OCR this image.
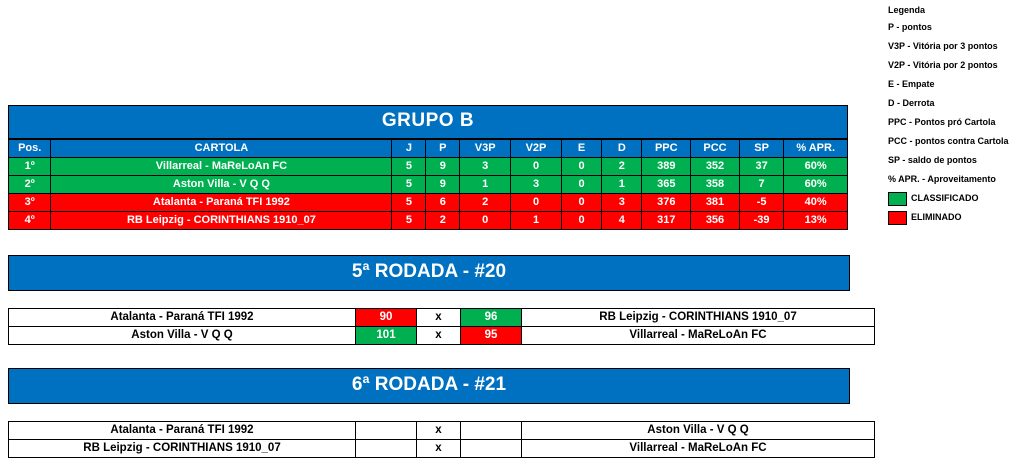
Legenda
P - pontos
V3P - Vitória por 3 pontos
V2P - Vitória por 2 pontos
E - Empate
D - Derrota
PPC - Pontos pró Cartola
PCC - pontos contra Cartola
SP - saldo de pontos
% APR. - Aproveitamento
CLASSIFICADO
ELIMINADO
GRUPO B
Pos.	CARTOLA	J	P	V3P	V2P	E	D	PPC	PCC	SP	% APR.
1º	Villarreal - MaReLoAn FC	5	9	3	0	0	2	389	352	37	60%
2º	Aston Villa - V Q Q	5	9	1	3	0	1	365	358	7	60%
3º	Atalanta - Paraná TFI 1992	5	6	2	0	0	3	376	381	-5	40%
4º	RB Leipzig - CORINTHIANS 1910_07	5	2	0	1	0	4	317	356	-39	13%
5ª RODADA - #20
Atalanta - Paraná TFI 1992	90	x	96	RB Leipzig - CORINTHIANS 1910_07
Aston Villa - V Q Q	101	x	95	Villarreal - MaReLoAn FC
6ª RODADA - #21
Atalanta - Paraná TFI 1992		x		Aston Villa - V Q Q
RB Leipzig - CORINTHIANS 1910_07		x		Villarreal - MaReLoAn FC
